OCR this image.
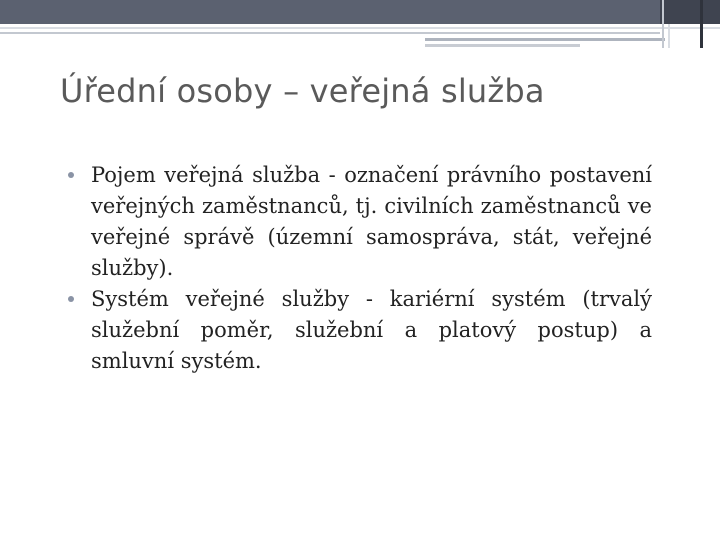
Úřední osoby – veřejná služba
Pojem veřejná služba - označení právního postavení veřejných zaměstnanců, tj. civilních zaměstnanců ve veřejné správě (územní samospráva, stát, veřejné služby).
Systém veřejné služby - kariérní systém (trvalý služební poměr, služební a platový postup) a smluvní systém.
